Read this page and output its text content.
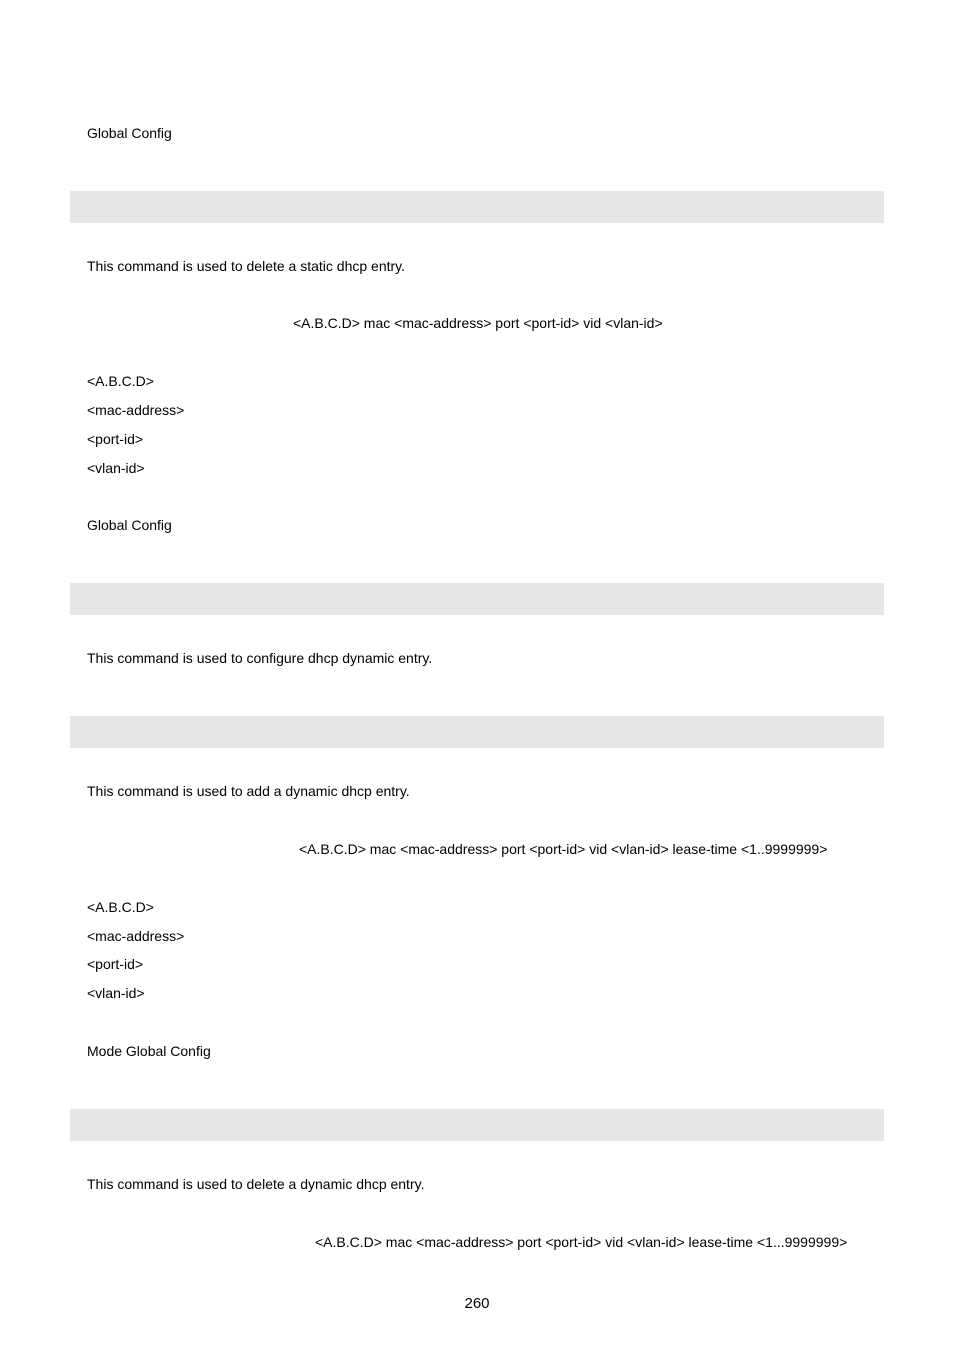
Global Config
This command is used to delete a static dhcp entry.
<A.B.C.D> mac <mac-address> port <port-id> vid <vlan-id>
<A.B.C.D>
<mac-address>
<port-id>
<vlan-id>
Global Config
This command is used to configure dhcp dynamic entry.
This command is used to add a dynamic dhcp entry.
<A.B.C.D> mac <mac-address> port <port-id> vid <vlan-id> lease-time <1..9999999>
<A.B.C.D>
<mac-address>
<port-id>
<vlan-id>
Mode Global Config
This command is used to delete a dynamic dhcp entry.
<A.B.C.D> mac <mac-address> port <port-id> vid <vlan-id> lease-time <1...9999999>
260
